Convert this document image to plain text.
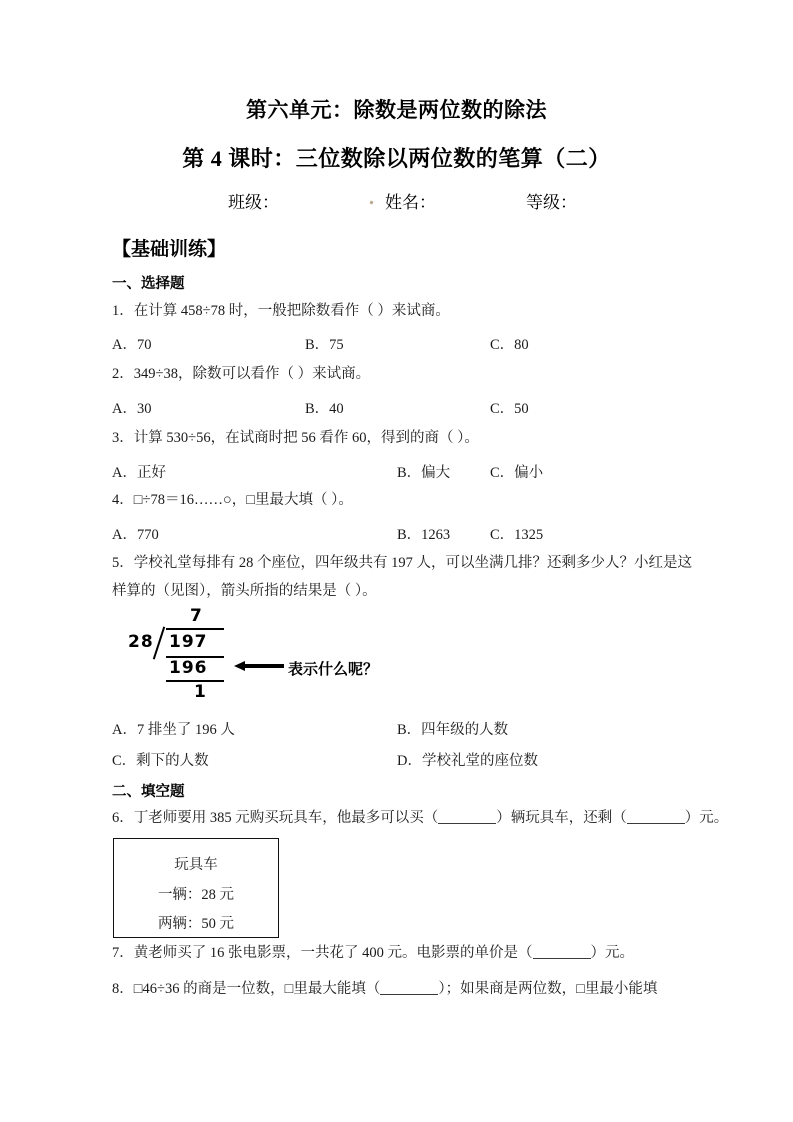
第六单元：除数是两位数的除法
第 4 课时：三位数除以两位数的笔算（二）
班级：	姓名：	等级：
【基础训练】
一、选择题
1．在计算 458÷78 时，一般把除数看作（ ）来试商。
A．70	B．75	C．80
2．349÷38，除数可以看作（ ）来试商。
A．30	B．40	C．50
3．计算 530÷56，在试商时把 56 看作 60，得到的商（ ）。
A．正好	B．偏大	C．偏小
4．□÷78＝16……○，□里最大填（ ）。
A．770	B．1263	C．1325
5．学校礼堂每排有 28 个座位，四年级共有 197 人，可以坐满几排？还剩多少人？小红是这
样算的（见图），箭头所指的结果是（ ）。
7
28 197
196
1
表示什么呢？
A．7 排坐了 196 人	B．四年级的人数
C．剩下的人数	D．学校礼堂的座位数
二、填空题
6．丁老师要用 385 元购买玩具车，他最多可以买（	）辆玩具车，还剩（	）元。
玩具车
一辆：28 元
两辆：50 元
7．黄老师买了 16 张电影票，一共花了 400 元。电影票的单价是（	）元。
8．□46÷36 的商是一位数，□里最大能填（	）；如果商是两位数，□里最小能填
